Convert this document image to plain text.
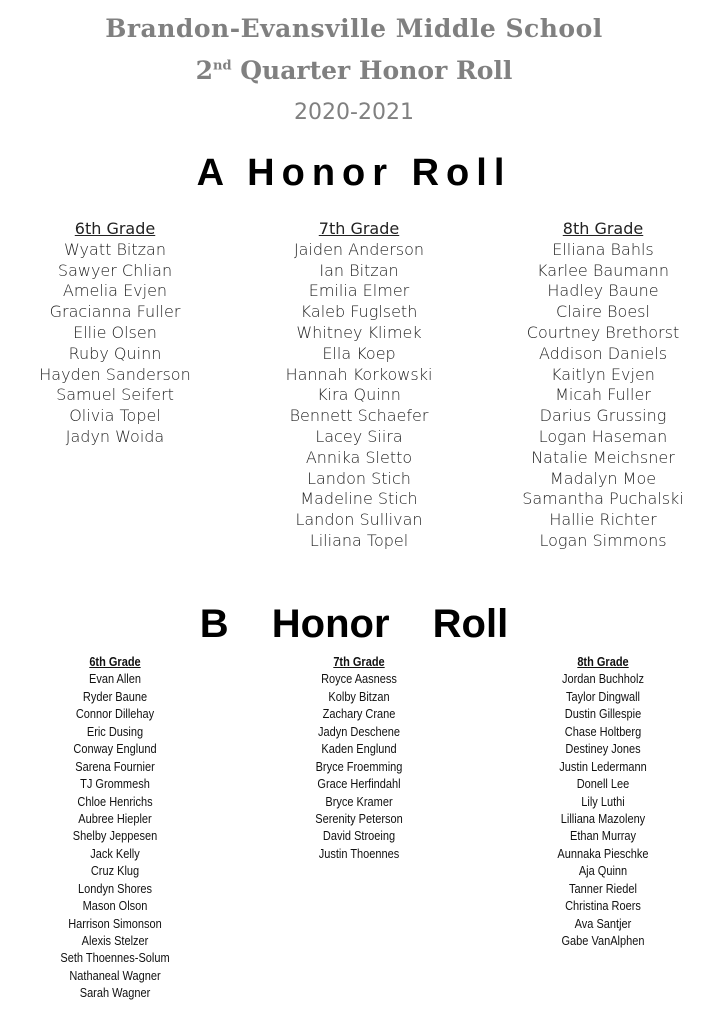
Brandon-Evansville Middle School
2nd Quarter Honor Roll
2020-2021
A Honor Roll
6th Grade
Wyatt Bitzan
Sawyer Chlian
Amelia Evjen
Gracianna Fuller
Ellie Olsen
Ruby Quinn
Hayden Sanderson
Samuel Seifert
Olivia Topel
Jadyn Woida
7th Grade
Jaiden Anderson
Ian Bitzan
Emilia Elmer
Kaleb Fuglseth
Whitney Klimek
Ella Koep
Hannah Korkowski
Kira Quinn
Bennett Schaefer
Lacey Siira
Annika Sletto
Landon Stich
Madeline Stich
Landon Sullivan
Liliana Topel
8th Grade
Elliana Bahls
Karlee Baumann
Hadley Baune
Claire Boesl
Courtney Brethorst
Addison Daniels
Kaitlyn Evjen
Micah Fuller
Darius Grussing
Logan Haseman
Natalie Meichsner
Madalyn Moe
Samantha Puchalski
Hallie Richter
Logan Simmons
B Honor Roll
6th Grade
Evan Allen
Ryder Baune
Connor Dillehay
Eric Dusing
Conway Englund
Sarena Fournier
TJ Grommesh
Chloe Henrichs
Aubree Hiepler
Shelby Jeppesen
Jack Kelly
Cruz Klug
Londyn Shores
Mason Olson
Harrison Simonson
Alexis Stelzer
Seth Thoennes-Solum
Nathaneal Wagner
Sarah Wagner
7th Grade
Royce Aasness
Kolby Bitzan
Zachary Crane
Jadyn Deschene
Kaden Englund
Bryce Froemming
Grace Herfindahl
Bryce Kramer
Serenity Peterson
David Stroeing
Justin Thoennes
8th Grade
Jordan Buchholz
Taylor Dingwall
Dustin Gillespie
Chase Holtberg
Destiney Jones
Justin Ledermann
Donell Lee
Lily Luthi
Lilliana Mazoleny
Ethan Murray
Aunnaka Pieschke
Aja Quinn
Tanner Riedel
Christina Roers
Ava Santjer
Gabe VanAlphen
